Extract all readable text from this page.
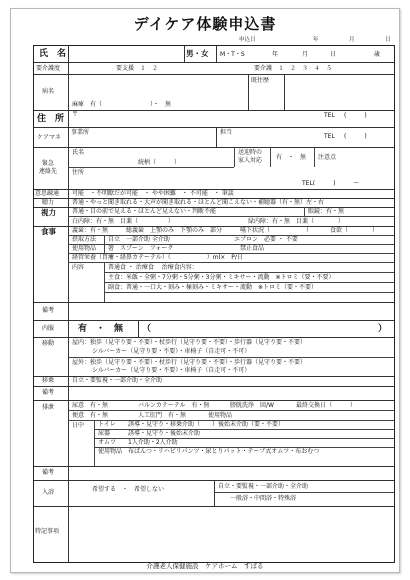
デイケア体験申込書
申込日	年	月	日
氏　名	男・女 M・T・S	年	月	日	歳
要介護度	要支援　１　２	要介護　１　２　３　４　５
病名
麻痺　有（　　　　　　　　）・　無
既往歴
住　所 〒	TEL (　　　)
ケアマネ
事業所	担当
TEL (　　　)
緊急
連絡先
氏名
続柄（　　　）
住所
送迎時の
家人対応 有　・　無 注意点
TEL(　　　)　　　ー
意思疎通 可能　・不明瞭だが可能　・ やや困難　・ 不可能　・ 筆談
聴力	普通・やっと聞き取れる・大声が聞き取れる・ほとんど聞こえない・補聴器（有・無）左・右
視力	普通・目の前で見える・ほとんど見えない・判断不能	眼鏡：有・無
白内障：有・無　目薬（　　　　　）	緑内障：有・無　目薬（　　　　）
食事	義歯：有・無	総義歯　上顎のみ　下顎のみ　部分	嚥下状況（　　　　　　）	食欲（　　　　）
摂取方法 自立　一部介助 全介助	エプロン　必要 ・ 不要
使用物品 箸　スプーン　フォーク	禁止食品
経管栄養（胃瘻・経鼻カテーテル）（　　　　　　）ml×　P/日
内容	普通食 ・ 治療食　 治療食内容：
主食：米飯・全粥・7分粥・5分粥・3分粥・ミキサー・流動　※トロミ（要・不要）
副食：普通・一口大・刻み・極刻み・ミキサー・流動　※トロミ（要・不要）
備考
内服	有　・　無 （	）
移動	屋内：独歩（見守り要・不要）・杖歩行（見守り要・不要）・歩行器（見守り要・不要）
シルバーカー（見守り要・不要）・車椅子（自走可・不可）
屋外：独歩（見守り要・不要）・杖歩行（見守り要・不要）・歩行器（見守り要・不要）
シルバーカー（見守り要・不要）・車椅子（自走可・不可）
移乗	自立・要監視・一部介助・全介助
備考
排泄	尿意　有・無	バルンカテーテル　有・無	膀胱洗浄　回/W	最終交換日（　　　）
便意　有・無	人工肛門　有・無	使用物品
日中 トイレ 誘導・見守り・移乗介助（　　）後始末介助（要・不要）
尿器	誘導・見守り・後始末介助
オムツ 1人介助・2人介助
使用物品 布ぱんつ・リハビリパンツ・尿とりパット・テープ式オムツ・布おむつ
備考
入浴	希望する　・　希望しない	自立・要監視・一部介助・全介助
一般浴・中間浴・特殊浴
特記事項
介護老人保健施設　ケアホーム　すばる
